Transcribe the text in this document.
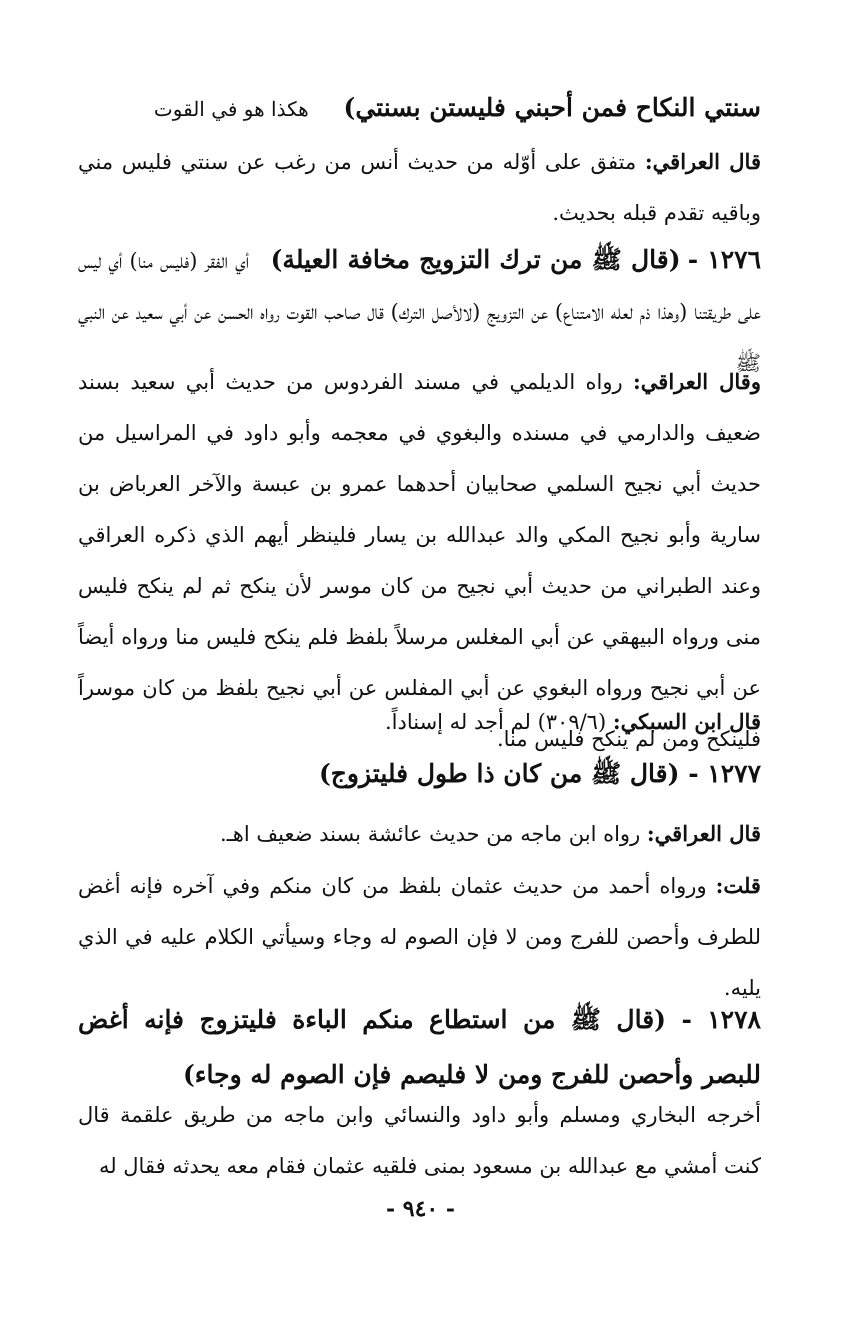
سنتي النكاح فمن أحبني فليستن بسنتي)    هكذا هو في القوت

قال العراقي: متفق على أوّله من حديث أنس من رغب عن سنتي فليس مني وباقيه تقدم قبله بحديث.

١٢٧٦ - (قال ﷺ من ترك التزويج مخافة العيلة)   أي الفقر (فليس منا) أي ليس على طريقتنا (وهذا ذم لعله الامتناع) عن التزويج (لالأصل الترك) قال صاحب القوت رواه الحسن عن أبي سعيد عن النبي ﷺ

وقال العراقي: رواه الديلمي في مسند الفردوس من حديث أبي سعيد بسند ضعيف والدارمي في مسنده والبغوي في معجمه وأبو داود في المراسيل من حديث أبي نجيح السلمي صحابيان أحدهما عمرو بن عبسة والآخر العرباض بن سارية وأبو نجيح المكي والد عبدالله بن يسار فلينظر أيهم الذي ذكره العراقي وعند الطبراني من حديث أبي نجيح من كان موسر لأن ينكح ثم لم ينكح فليس منى ورواه البيهقي عن أبي المغلس مرسلاً بلفظ فلم ينكح فليس منا ورواه أيضاً عن أبي نجيح ورواه البغوي عن أبي المفلس عن أبي نجيح بلفظ من كان موسراً فلينكح ومن لم ينكح فليس منا.

قال ابن السبكي: (٣٠٩/٦) لم أجد له إسناداً.

١٢٧٧ - (قال ﷺ من كان ذا طول فليتزوج)

قال العراقي: رواه ابن ماجه من حديث عائشة بسند ضعيف اهـ.

قلت: ورواه أحمد من حديث عثمان بلفظ من كان منكم وفي آخره فإنه أغض للطرف وأحصن للفرج ومن لا فإن الصوم له وجاء وسيأتي الكلام عليه في الذي يليه.

١٢٧٨ - (قال ﷺ من استطاع منكم الباءة فليتزوج فإنه أغض للبصر وأحصن للفرج ومن لا فليصم فإن الصوم له وجاء)

أخرجه البخاري ومسلم وأبو داود والنسائي وابن ماجه من طريق علقمة قال كنت أمشي مع عبدالله بن مسعود بمنى فلقيه عثمان فقام معه يحدثه فقال له

- ٩٤٠ -
